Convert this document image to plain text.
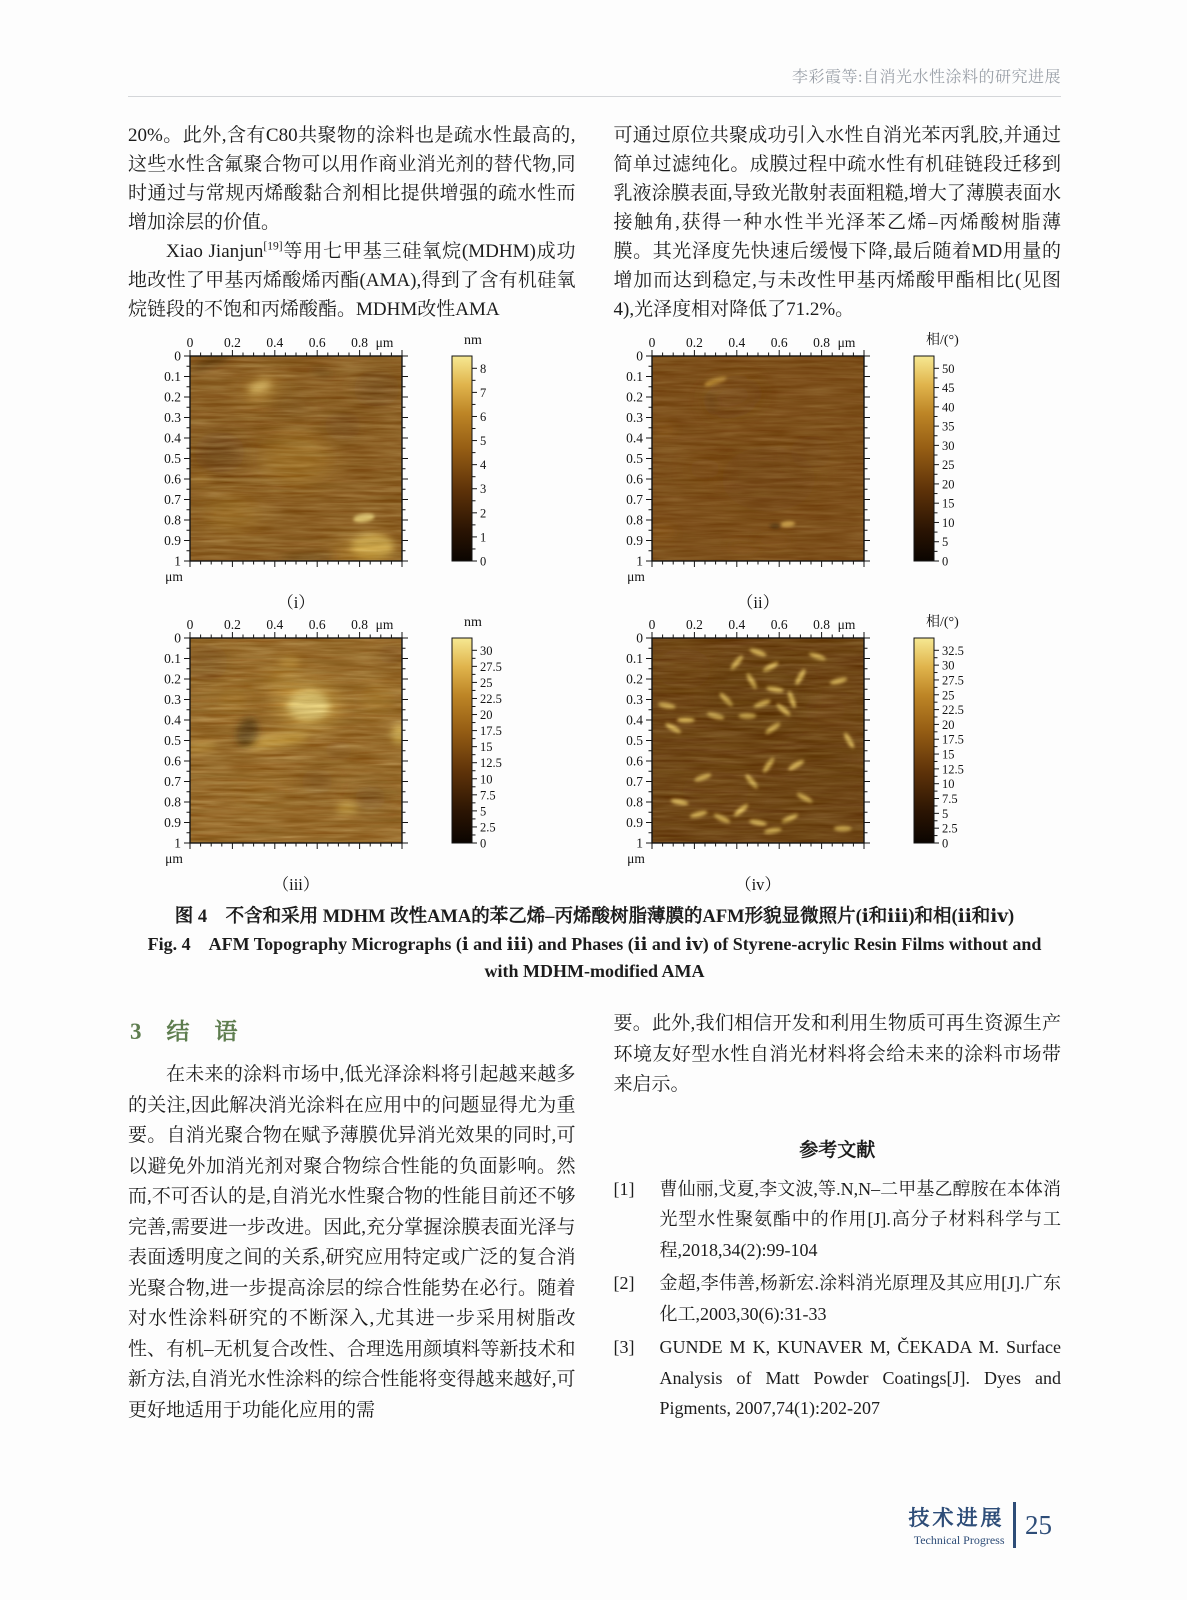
李彩霞等:自消光水性涂料的研究进展

20%。此外,含有C80共聚物的涂料也是疏水性最高的,这些水性含氟聚合物可以用作商业消光剂的替代物,同时通过与常规丙烯酸黏合剂相比提供增强的疏水性而增加涂层的价值。

Xiao Jianjun[19]等用七甲基三硅氧烷(MDHM)成功地改性了甲基丙烯酸烯丙酯(AMA),得到了含有机硅氧烷链段的不饱和丙烯酸酯。MDHM改性AMA

可通过原位共聚成功引入水性自消光苯丙乳胶,并通过简单过滤纯化。成膜过程中疏水性有机硅链段迁移到乳液涂膜表面,导致光散射表面粗糙,增大了薄膜表面水接触角,获得一种水性半光泽苯乙烯–丙烯酸树脂薄膜。其光泽度先快速后缓慢下降,最后随着MD用量的增加而达到稳定,与未改性甲基丙烯酸甲酯相比(见图4),光泽度相对降低了71.2%。

0 0.2 0.4 0.6 0.8 μm
0
0.1
0.2
0.3
0.4
0.5
0.6
0.7
0.8
0.9
1
μm
nm
8
7
6
5
4
3
2
1
0
（i）
0 0.2 0.4 0.6 0.8 μm
0
0.1
0.2
0.3
0.4
0.5
0.6
0.7
0.8
0.9
1
μm
相/(°)
50
45
40
35
30
25
20
15
10
5
0
（ii）
0 0.2 0.4 0.6 0.8 μm
0
0.1
0.2
0.3
0.4
0.5
0.6
0.7
0.8
0.9
1
μm
nm
30
27.5
25
22.5
20
17.5
15
12.5
10
7.5
5
2.5
0
（iii）
0 0.2 0.4 0.6 0.8 μm
0
0.1
0.2
0.3
0.4
0.5
0.6
0.7
0.8
0.9
1
μm
相/(°)
32.5
30
27.5
25
22.5
20
17.5
15
12.5
10
7.5
5
2.5
0
（iv）
图 4　不含和采用 MDHM 改性AMA的苯乙烯–丙烯酸树脂薄膜的AFM形貌显微照片(ⅰ和ⅲ)和相(ⅱ和ⅳ)
Fig. 4　AFM Topography Micrographs (ⅰ and ⅲ) and Phases (ⅱ and ⅳ) of Styrene-acrylic Resin Films without and with MDHM-modified AMA
3　结　语

在未来的涂料市场中,低光泽涂料将引起越来越多的关注,因此解决消光涂料在应用中的问题显得尤为重要。自消光聚合物在赋予薄膜优异消光效果的同时,可以避免外加消光剂对聚合物综合性能的负面影响。然而,不可否认的是,自消光水性聚合物的性能目前还不够完善,需要进一步改进。因此,充分掌握涂膜表面光泽与表面透明度之间的关系,研究应用特定或广泛的复合消光聚合物,进一步提高涂层的综合性能势在必行。随着对水性涂料研究的不断深入,尤其进一步采用树脂改性、有机–无机复合改性、合理选用颜填料等新技术和新方法,自消光水性涂料的综合性能将变得越来越好,可更好地适用于功能化应用的需

要。此外,我们相信开发和利用生物质可再生资源生产环境友好型水性自消光材料将会给未来的涂料市场带来启示。

参考文献
[1]	曹仙丽,戈夏,李文波,等.N,N–二甲基乙醇胺在本体消光型水性聚氨酯中的作用[J].高分子材料科学与工程,2018,34(2):99-104
[2]	金超,李伟善,杨新宏.涂料消光原理及其应用[J].广东化工,2003,30(6):31-33
[3]	GUNDE M K, KUNAVER M, ČEKADA M. Surface Analysis of Matt Powder Coatings[J]. Dyes and Pigments, 2007,74(1):202-207
技术进展
Technical Progress
25
